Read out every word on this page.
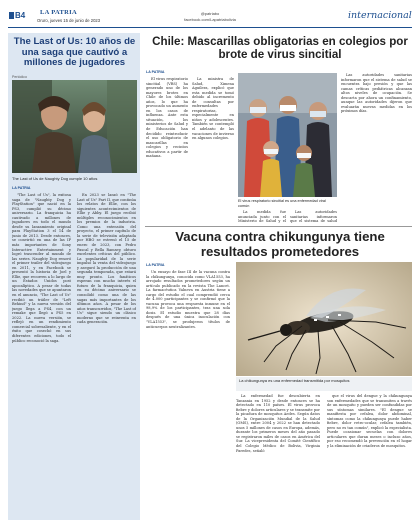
B4 LA PATRIA
Oruro, jueves 15 de junio de 2023
@patriabo
facebook.com/Lapatriabolivia	internacional
The Last of Us: 10 años de una saga que cautivó a millones de jugadores
Periódico
The Last of Us de Naughty Dog cumple 10 años
LA PATRIA

"The Last of Us", la exitosa saga de "Naughty Dog y PlayStation" que nació en la PS3, cumplió su décimo aniversario. La franquicia ha cautivado a millones de jugadores en todo el mundo desde su lanzamiento original para PlayStation 3 el 14 de junio de 2013. Desde entonces, se convirtió en una de las IP más importantes de Sony Interactive Entertainment y logró trascender al mundo de las series. Naughty Dog renovó el primer trailer del videojuego en 2011, y en Facebook se presentó la historia de Joel y Ellie, que recorren a lo largo de un Estados Unidos post apocalíptico. A pesar de todas las novedades que se apuntaron en el anuncio, "The Last of Us" recibió un tráiler de "Left Behind" y la nueva versión del juego llega a PS4, con un remake que llegó a PS5 en 2022. La nueva versión, se reflejó en un rendimiento comercial sobresaliente, y en el éxito que cosechó en sus diferentes ediciones, todo el público reconoció la saga.

En 2023 se lanzó en "The Last of Us" Part II, que continúa los relatos de Ellie, con los siguientes acontecimientos de Ellie y Abby. El juego recibió múltiples reconocimientos en los premios de la industria. Como una extensión del proyecto, el primer capítulo de la serie de televisión adaptada por HBO se estrenó el 15 de enero de 2023, con Pedro Pascal y Bella Ramsey, obtuvo excelentes críticas del público. La popularidad de la serie impulsó la venta del videojuego y aseguró la producción de una segunda temporada, que estará muy pronto. Los fanáticos esperan con mucho interés el futuro de la franquicia, quien en su décimo aniversario se consolidó como una de las sagas más importantes de los últimos años. A pesar de los años transcurridos, "The Last of Us" sigue siendo un clásico moderno que se reinventa en cada generación.

Chile: Mascarillas obligatorias en colegios por brote de virus sincitial
LA PATRIA

El virus respiratorio sincitial (VRS) ha generado uno de los mayores brotes en Chile de los últimos años, lo que ha provocado un aumento en los casos de influenza. Ante esta situación, los ministerios de Salud y de Educación han decidido reintroducir el uso obligatorio de mascarillas en colegios y recintos educativos a partir de mañana.

La ministra de Salud, Ximena Aguilera, explicó que esta medida se tomó debido al incremento de consultas por enfermedades respiratorias, especialmente en niños y adolescentes. También se contempló el adelanto de las vacaciones de invierno en algunos colegios.

El virus respiratorio sincitial es una enfermedad viral común

La medida fue anunciada junto con el Ministerio de Salud y el

Las autoridades sanitarias informaron que el sistema de salud

Las autoridades sanitarias informaron que el sistema de salud se encuentra bajo presión y que las camas críticas pediátricas alcanzan altos niveles de ocupación. Se descarta por ahora un confinamiento, aunque las autoridades dijeron que evaluarán nuevas medidas en los próximos días.

Vacuna contra chikungunya tiene resultados prometedores
LA PATRIA

Un ensayo de fase III de la vacuna contra la chikungunya, conocida como VLA1553, ha arrojado resultados prometedores según un artículo publicado en la revista The Lancet. La farmacéutica Valneva en Austria tiene a cargo del estudio el cual comprendió cerca de 4.000 participantes y se confirmó que la vacuna provoca una respuesta inmune en el 98,9% de los participantes, tras una sola dosis. El estudio muestra que 28 días después de una única inoculación con "VLA1553", se produjeron títulos de anticuerpos neutralizantes.

La chikungunya es una enfermedad transmitida por mosquitos

La enfermedad fue descubierta en Tanzania en 1952 y desde entonces se ha detectado en 110 países. El virus provoca fiebre y dolores articulares y se transmite por la picadura de mosquitos Aedes. Según datos de la Organización Mundial de la Salud (OMS), entre 2004 y 2022 se han detectado unos 5 millones de casos en Europa, además, durante los primeros meses del año pasado se registraron miles de casos en América del Sur. La vicepresidenta del Comité Científico del Colegio Médico de Bolivia, Virginia Paredes, señaló

que el virus del dengue y la chikungunya son enfermedades que se transmiten a través de un mosquito y pueden ser confundidas por sus síntomas similares. "El dengue se manifiesta por cefalea, dolor abdominal, síntomas como la chikungunya puede haber fiebre, dolor retro-ocular, cefalea también, pero no es tan común", explicó la especialista. Puede ocasionar secuelas con dolores articulares que duran meses o incluso años, por eso recomendó la prevención en el hogar y la eliminación de criaderos de mosquitos.
